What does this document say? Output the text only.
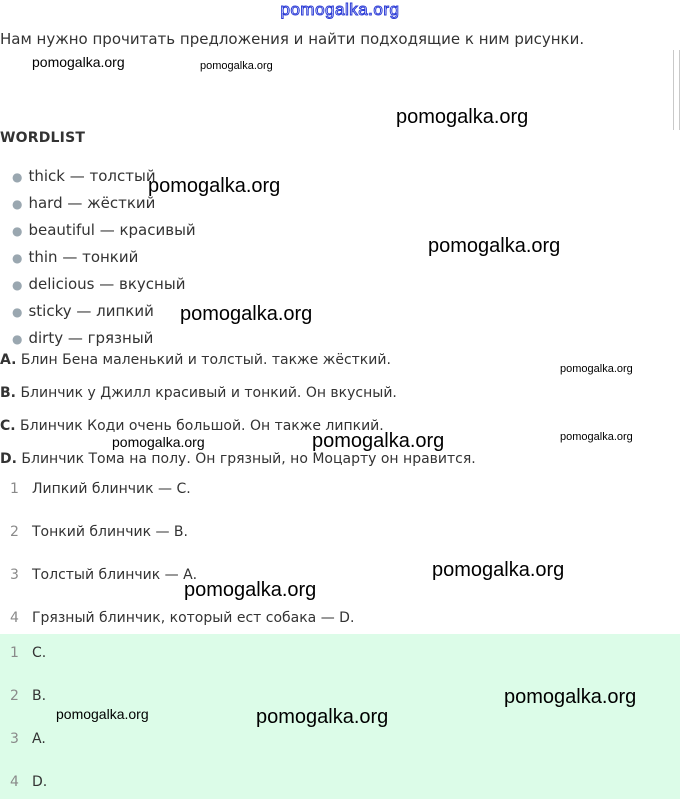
pomogalka.org
Нам нужно прочитать предложения и найти подходящие к ним рисунки.
WORDLIST
● thick — толстый
● hard — жёсткий
● beautiful — красивый
● thin — тонкий
● delicious — вкусный
● sticky — липкий
● dirty — грязный
A. Блин Бена маленький и толстый. также жёсткий.
B. Блинчик у Джилл красивый и тонкий. Он вкусный.
C. Блинчик Коди очень большой. Он также липкий.
D. Блинчик Тома на полу. Он грязный, но Моцарту он нравится.
1 Липкий блинчик — С.
2 Тонкий блинчик — В.
3 Толстый блинчик — А.
4 Грязный блинчик, который ест собака — D.
1 C.
2 B.
3 A.
4 D.
pomogalka.org	pomogalka.org
pomogalka.org
pomogalka.org
pomogalka.org
pomogalka.org
pomogalka.org
pomogalka.org	pomogalka.org	pomogalka.org
pomogalka.org
pomogalka.org
pomogalka.org
pomogalka.org	pomogalka.org
